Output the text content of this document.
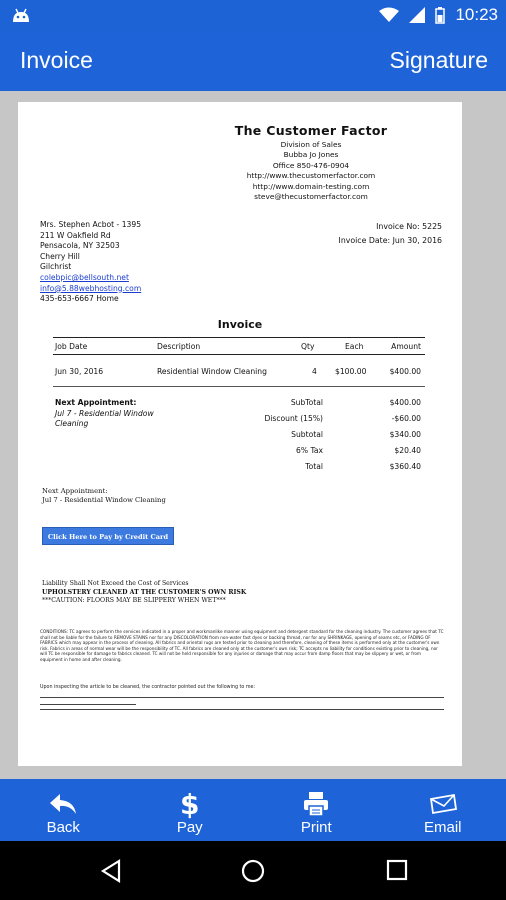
10:23
Invoice	Signature
The Customer Factor
Division of Sales
Bubba Jo Jones
Office 850-476-0904
http://www.thecustomerfactor.com
http://www.domain-testing.com
steve@thecustomerfactor.com
Mrs. Stephen Acbot - 1395
211 W Oakfield Rd
Pensacola, NY 32503
Cherry Hill
Gilchrist
colebpic@bellsouth.net
info@5.88webhosting.com
435-653-6667 Home
Invoice No: 5225
Invoice Date: Jun 30, 2016
Invoice
Job Date	Description	Qty	Each	Amount
Jun 30, 2016	Residential Window Cleaning	4 $100.00	$400.00
Next Appointment:
Jul 7 - Residential Window Cleaning
SubTotal	$400.00
Discount (15%)	-$60.00
Subtotal	$340.00
6% Tax	$20.40
Total	$360.40
Next Appointment:
Jul 7 - Residential Window Cleaning
Click Here to Pay by Credit Card
Liability Shall Not Exceed the Cost of Services
UPHOLSTERY CLEANED AT THE CUSTOMER'S OWN RISK
***CAUTION: FLOORS MAY BE SLIPPERY WHEN WET***
CONDITIONS: TC agrees to perform the services indicated in a proper and workmanlike manner using equipment and detergent standard for the cleaning industry. The customer agrees that TC shall not be liable for the failure to REMOVE STAINS nor for any DISCOLORATION from non-water fast dyes or backing thread, nor for any SHRINKAGE, opening of seams etc, or FADING OF FABRICS which may appear in the process of cleaning. All fabrics and oriental rugs are tested prior to cleaning and therefore, cleaning of these items is performed only at the customer's own risk. Fabrics in areas of normal wear will be the responsibility of TC. All fabrics are cleaned only at the customer's own risk; TC accepts no liability for conditions existing prior to cleaning, nor will TC be responsible for damage to fabrics cleaned. TC will not be held responsible for any injuries or damage that may occur from damp floors that may be slippery or wet, or from equipment in home and after cleaning.
Upon inspecting the article to be cleaned, the contractor pointed out the following to me:
Back
$
Pay	Print	Email
